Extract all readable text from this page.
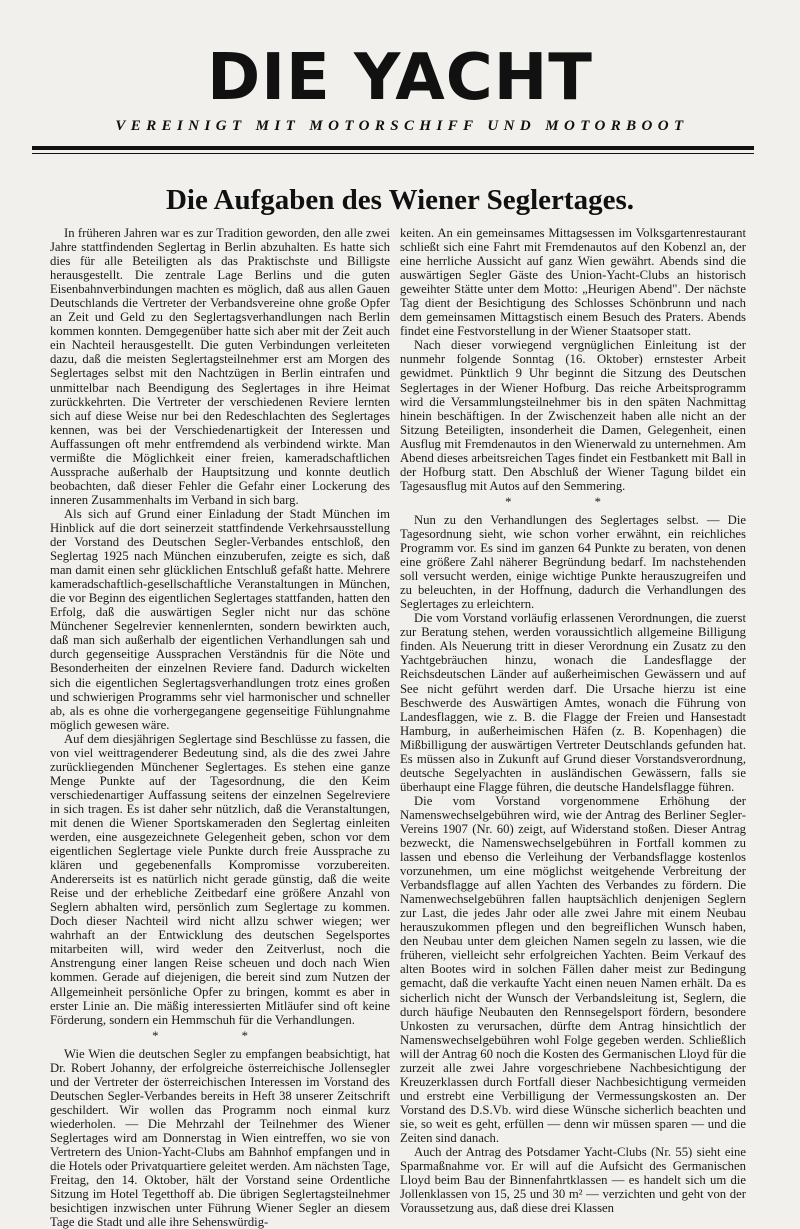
DIE YACHT
VEREINIGT MIT MOTORSCHIFF UND MOTORBOOT
Die Aufgaben des Wiener Seglertages.

In früheren Jahren war es zur Tradition geworden, den alle zwei Jahre stattfindenden Seglertag in Berlin abzuhalten. Es hatte sich dies für alle Beteiligten als das Praktischste und Billigste herausgestellt. Die zentrale Lage Berlins und die guten Eisenbahnverbindungen machten es möglich, daß aus allen Gauen Deutschlands die Vertreter der Verbandsvereine ohne große Opfer an Zeit und Geld zu den Seglertagsverhandlungen nach Berlin kommen konnten. Demgegenüber hatte sich aber mit der Zeit auch ein Nachteil herausgestellt. Die guten Verbindungen verleiteten dazu, daß die meisten Seglertagsteilnehmer erst am Morgen des Seglertages selbst mit den Nachtzügen in Berlin eintrafen und unmittelbar nach Beendigung des Seglertages in ihre Heimat zurückkehrten. Die Vertreter der verschiedenen Reviere lernten sich auf diese Weise nur bei den Redeschlachten des Seglertages kennen, was bei der Verschiedenartigkeit der Interessen und Auffassungen oft mehr entfremdend als verbindend wirkte. Man vermißte die Möglichkeit einer freien, kameradschaftlichen Aussprache außerhalb der Hauptsitzung und konnte deutlich beobachten, daß dieser Fehler die Gefahr einer Lockerung des inneren Zusammenhalts im Verband in sich barg.

Als sich auf Grund einer Einladung der Stadt München im Hinblick auf die dort seinerzeit stattfindende Verkehrsausstellung der Vorstand des Deutschen Segler-Verbandes entschloß, den Seglertag 1925 nach München einzuberufen, zeigte es sich, daß man damit einen sehr glücklichen Entschluß gefaßt hatte. Mehrere kameradschaftlich-gesellschaftliche Veranstaltungen in München, die vor Beginn des eigentlichen Seglertages stattfanden, hatten den Erfolg, daß die auswärtigen Segler nicht nur das schöne Münchener Segelrevier kennenlernten, sondern bewirkten auch, daß man sich außerhalb der eigentlichen Verhandlungen sah und durch gegenseitige Aussprachen Verständnis für die Nöte und Besonderheiten der einzelnen Reviere fand. Dadurch wickelten sich die eigentlichen Seglertagsverhandlungen trotz eines großen und schwierigen Programms sehr viel harmonischer und schneller ab, als es ohne die vorhergegangene gegenseitige Fühlungnahme möglich gewesen wäre.

Auf dem diesjährigen Seglertage sind Beschlüsse zu fassen, die von viel weittragenderer Bedeutung sind, als die des zwei Jahre zurückliegenden Münchener Seglertages. Es stehen eine ganze Menge Punkte auf der Tagesordnung, die den Keim verschiedenartiger Auffassung seitens der einzelnen Segelreviere in sich tragen. Es ist daher sehr nützlich, daß die Veranstaltungen, mit denen die Wiener Sportskameraden den Seglertag einleiten werden, eine ausgezeichnete Gelegenheit geben, schon vor dem eigentlichen Seglertage viele Punkte durch freie Aussprache zu klären und gegebenenfalls Kompromisse vorzubereiten. Andererseits ist es natürlich nicht gerade günstig, daß die weite Reise und der erhebliche Zeitbedarf eine größere Anzahl von Seglern abhalten wird, persönlich zum Seglertage zu kommen. Doch dieser Nachteil wird nicht allzu schwer wiegen; wer wahrhaft an der Entwicklung des deutschen Segelsportes mitarbeiten will, wird weder den Zeitverlust, noch die Anstrengung einer langen Reise scheuen und doch nach Wien kommen. Gerade auf diejenigen, die bereit sind zum Nutzen der Allgemeinheit persönliche Opfer zu bringen, kommt es aber in erster Linie an. Die mäßig interessierten Mitläufer sind oft keine Förderung, sondern ein Hemmschuh für die Verhandlungen.

* *

Wie Wien die deutschen Segler zu empfangen beabsichtigt, hat Dr. Robert Johanny, der erfolgreiche österreichische Jollensegler und der Vertreter der österreichischen Interessen im Vorstand des Deutschen Segler-Verbandes bereits in Heft 38 unserer Zeitschrift geschildert. Wir wollen das Programm noch einmal kurz wiederholen. — Die Mehrzahl der Teilnehmer des Wiener Seglertages wird am Donnerstag in Wien eintreffen, wo sie von Vertretern des Union-Yacht-Clubs am Bahnhof empfangen und in die Hotels oder Privatquartiere geleitet werden. Am nächsten Tage, Freitag, den 14. Oktober, hält der Vorstand seine Ordentliche Sitzung im Hotel Tegetthoff ab. Die übrigen Seglertagsteilnehmer besichtigen inzwischen unter Führung Wiener Segler an diesem Tage die Stadt und alle ihre Sehenswürdig-

keiten. An ein gemeinsames Mittagsessen im Volksgartenrestaurant schließt sich eine Fahrt mit Fremdenautos auf den Kobenzl an, der eine herrliche Aussicht auf ganz Wien gewährt. Abends sind die auswärtigen Segler Gäste des Union-Yacht-Clubs an historisch geweihter Stätte unter dem Motto: „Heurigen Abend". Der nächste Tag dient der Besichtigung des Schlosses Schönbrunn und nach dem gemeinsamen Mittagstisch einem Besuch des Praters. Abends findet eine Festvorstellung in der Wiener Staatsoper statt.

Nach dieser vorwiegend vergnüglichen Einleitung ist der nunmehr folgende Sonntag (16. Oktober) ernstester Arbeit gewidmet. Pünktlich 9 Uhr beginnt die Sitzung des Deutschen Seglertages in der Wiener Hofburg. Das reiche Arbeitsprogramm wird die Versammlungsteilnehmer bis in den späten Nachmittag hinein beschäftigen. In der Zwischenzeit haben alle nicht an der Sitzung Beteiligten, insonderheit die Damen, Gelegenheit, einen Ausflug mit Fremdenautos in den Wienerwald zu unternehmen. Am Abend dieses arbeitsreichen Tages findet ein Festbankett mit Ball in der Hofburg statt. Den Abschluß der Wiener Tagung bildet ein Tagesausflug mit Autos auf den Semmering.

* *

Nun zu den Verhandlungen des Seglertages selbst. — Die Tagesordnung sieht, wie schon vorher erwähnt, ein reichliches Programm vor. Es sind im ganzen 64 Punkte zu beraten, von denen eine größere Zahl näherer Begründung bedarf. Im nachstehenden soll versucht werden, einige wichtige Punkte herauszugreifen und zu beleuchten, in der Hoffnung, dadurch die Verhandlungen des Seglertages zu erleichtern.

Die vom Vorstand vorläufig erlassenen Verordnungen, die zuerst zur Beratung stehen, werden voraussichtlich allgemeine Billigung finden. Als Neuerung tritt in dieser Verordnung ein Zusatz zu den Yachtgebräuchen hinzu, wonach die Landesflagge der Reichsdeutschen Länder auf außerheimischen Gewässern und auf See nicht geführt werden darf. Die Ursache hierzu ist eine Beschwerde des Auswärtigen Amtes, wonach die Führung von Landesflaggen, wie z. B. die Flagge der Freien und Hansestadt Hamburg, in außerheimischen Häfen (z. B. Kopenhagen) die Mißbilligung der auswärtigen Vertreter Deutschlands gefunden hat. Es müssen also in Zukunft auf Grund dieser Vorstandsverordnung, deutsche Segelyachten in ausländischen Gewässern, falls sie überhaupt eine Flagge führen, die deutsche Handelsflagge führen.

Die vom Vorstand vorgenommene Erhöhung der Namenswechselgebühren wird, wie der Antrag des Berliner Segler-Vereins 1907 (Nr. 60) zeigt, auf Widerstand stoßen. Dieser Antrag bezweckt, die Namenswechselgebühren in Fortfall kommen zu lassen und ebenso die Verleihung der Verbandsflagge kostenlos vorzunehmen, um eine möglichst weitgehende Verbreitung der Verbandsflagge auf allen Yachten des Verbandes zu fördern. Die Namenwechselgebühren fallen hauptsächlich denjenigen Seglern zur Last, die jedes Jahr oder alle zwei Jahre mit einem Neubau herauszukommen pflegen und den begreiflichen Wunsch haben, den Neubau unter dem gleichen Namen segeln zu lassen, wie die früheren, vielleicht sehr erfolgreichen Yachten. Beim Verkauf des alten Bootes wird in solchen Fällen daher meist zur Bedingung gemacht, daß die verkaufte Yacht einen neuen Namen erhält. Da es sicherlich nicht der Wunsch der Verbandsleitung ist, Seglern, die durch häufige Neubauten den Rennsegelsport fördern, besondere Unkosten zu verursachen, dürfte dem Antrag hinsichtlich der Namenswechselgebühren wohl Folge gegeben werden. Schließlich will der Antrag 60 noch die Kosten des Germanischen Lloyd für die zurzeit alle zwei Jahre vorgeschriebene Nachbesichtigung der Kreuzerklassen durch Fortfall dieser Nachbesichtigung vermeiden und erstrebt eine Verbilligung der Vermessungskosten an. Der Vorstand des D.S.Vb. wird diese Wünsche sicherlich beachten und sie, so weit es geht, erfüllen — denn wir müssen sparen — und die Zeiten sind danach.

Auch der Antrag des Potsdamer Yacht-Clubs (Nr. 55) sieht eine Sparmaßnahme vor. Er will auf die Aufsicht des Germanischen Lloyd beim Bau der Binnenfahrtklassen — es handelt sich um die Jollenklassen von 15, 25 und 30 m² — verzichten und geht von der Voraussetzung aus, daß diese drei Klassen
